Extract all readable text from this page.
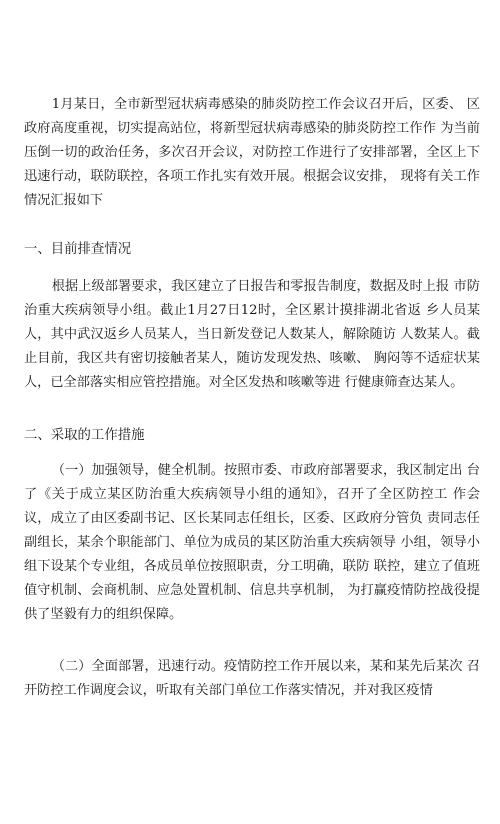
1月某日，全市新型冠状病毒感染的肺炎防控工作会议召开后，区委、 区政府高度重视，切实提高站位，将新型冠状病毒感染的肺炎防控工作作 为当前压倒一切的政治任务，多次召开会议，对防控工作进行了安排部署，全区上下迅速行动，联防联控，各项工作扎实有效开展。根据会议安排， 现将有关工作情况汇报如下

一、目前排查情况

根据上级部署要求，我区建立了日报告和零报告制度，数据及时上报 市防治重大疾病领导小组。截止1月27日12时，全区累计摸排湖北省返 乡人员某人，其中武汉返乡人员某人，当日新发登记人数某人，解除随访 人数某人。截止目前，我区共有密切接触者某人，随访发现发热、咳嗽、 胸闷等不适症状某人，已全部落实相应管控措施。对全区发热和咳嗽等进 行健康筛查达某人。

二、采取的工作措施

（一）加强领导，健全机制。按照市委、市政府部署要求，我区制定出 台了《关于成立某区防治重大疾病领导小组的通知》，召开了全区防控工 作会议，成立了由区委副书记、区长某同志任组长，区委、区政府分管负 责同志任副组长，某余个职能部门、单位为成员的某区防治重大疾病领导 小组，领导小组下设某个专业组，各成员单位按照职责，分工明确，联防 联控，建立了值班值守机制、会商机制、应急处置机制、信息共享机制， 为打赢疫情防控战役提供了坚毅有力的组织保障。

（二）全面部署，迅速行动。疫情防控工作开展以来，某和某先后某次 召开防控工作调度会议，听取有关部门单位工作落实情况，并对我区疫情
